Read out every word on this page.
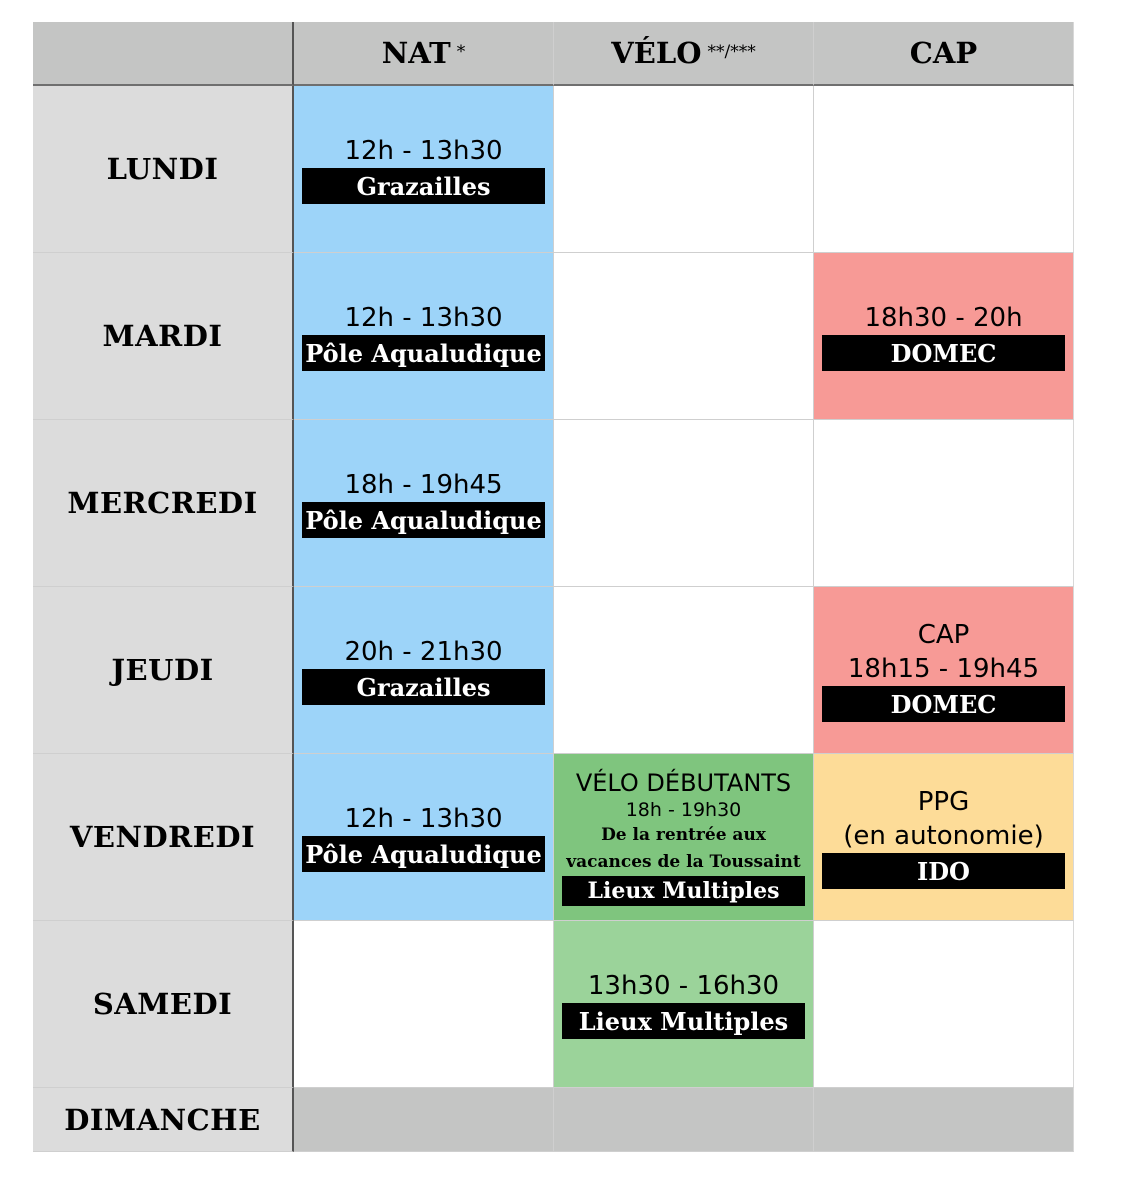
NAT *	VÉLO **/***	CAP
LUNDI
12h - 13h30
Grazailles
MARDI
12h - 13h30
Pôle Aqualudique
18h30 - 20h
DOMEC
MERCREDI
18h - 19h45
Pôle Aqualudique
JEUDI
20h - 21h30
Grazailles
CAP
18h15 - 19h45
DOMEC
VENDREDI
12h - 13h30
Pôle Aqualudique
VÉLO DÉBUTANTS
18h - 19h30
De la rentrée aux
vacances de la Toussaint
Lieux Multiples
PPG
(en autonomie)
IDO
SAMEDI
13h30 - 16h30
Lieux Multiples
DIMANCHE
